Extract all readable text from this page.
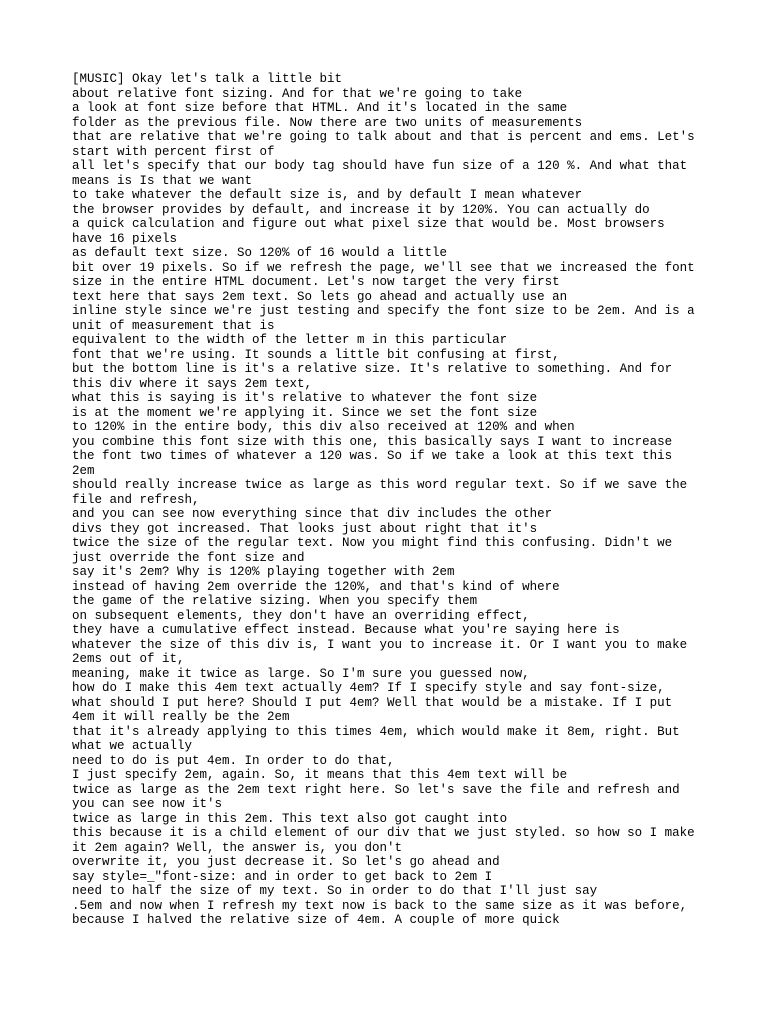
[MUSIC] Okay let's talk a little bit
about relative font sizing. And for that we're going to take
a look at font size before that HTML. And it's located in the same
folder as the previous file. Now there are two units of measurements
that are relative that we're going to talk about and that is percent and ems. Let's
start with percent first of
all let's specify that our body tag should have fun size of a 120 %. And what that
means is Is that we want
to take whatever the default size is, and by default I mean whatever
the browser provides by default, and increase it by 120%. You can actually do
a quick calculation and figure out what pixel size that would be. Most browsers
have 16 pixels
as default text size. So 120% of 16 would a little
bit over 19 pixels. So if we refresh the page, we'll see that we increased the font
size in the entire HTML document. Let's now target the very first
text here that says 2em text. So lets go ahead and actually use an
inline style since we're just testing and specify the font size to be 2em. And is a
unit of measurement that is
equivalent to the width of the letter m in this particular
font that we're using. It sounds a little bit confusing at first,
but the bottom line is it's a relative size. It's relative to something. And for
this div where it says 2em text,
what this is saying is it's relative to whatever the font size
is at the moment we're applying it. Since we set the font size
to 120% in the entire body, this div also received at 120% and when
you combine this font size with this one, this basically says I want to increase
the font two times of whatever a 120 was. So if we take a look at this text this
2em
should really increase twice as large as this word regular text. So if we save the
file and refresh,
and you can see now everything since that div includes the other
divs they got increased. That looks just about right that it's
twice the size of the regular text. Now you might find this confusing. Didn't we
just override the font size and
say it's 2em? Why is 120% playing together with 2em
instead of having 2em override the 120%, and that's kind of where
the game of the relative sizing. When you specify them
on subsequent elements, they don't have an overriding effect,
they have a cumulative effect instead. Because what you're saying here is
whatever the size of this div is, I want you to increase it. Or I want you to make
2ems out of it,
meaning, make it twice as large. So I'm sure you guessed now,
how do I make this 4em text actually 4em? If I specify style and say font-size,
what should I put here? Should I put 4em? Well that would be a mistake. If I put
4em it will really be the 2em
that it's already applying to this times 4em, which would make it 8em, right. But
what we actually
need to do is put 4em. In order to do that,
I just specify 2em, again. So, it means that this 4em text will be
twice as large as the 2em text right here. So let's save the file and refresh and
you can see now it's
twice as large in this 2em. This text also got caught into
this because it is a child element of our div that we just styled. so how so I make
it 2em again? Well, the answer is, you don't
overwrite it, you just decrease it. So let's go ahead and
say style=_"font-size: and in order to get back to 2em I
need to half the size of my text. So in order to do that I'll just say
.5em and now when I refresh my text now is back to the same size as it was before,
because I halved the relative size of 4em. A couple of more quick
